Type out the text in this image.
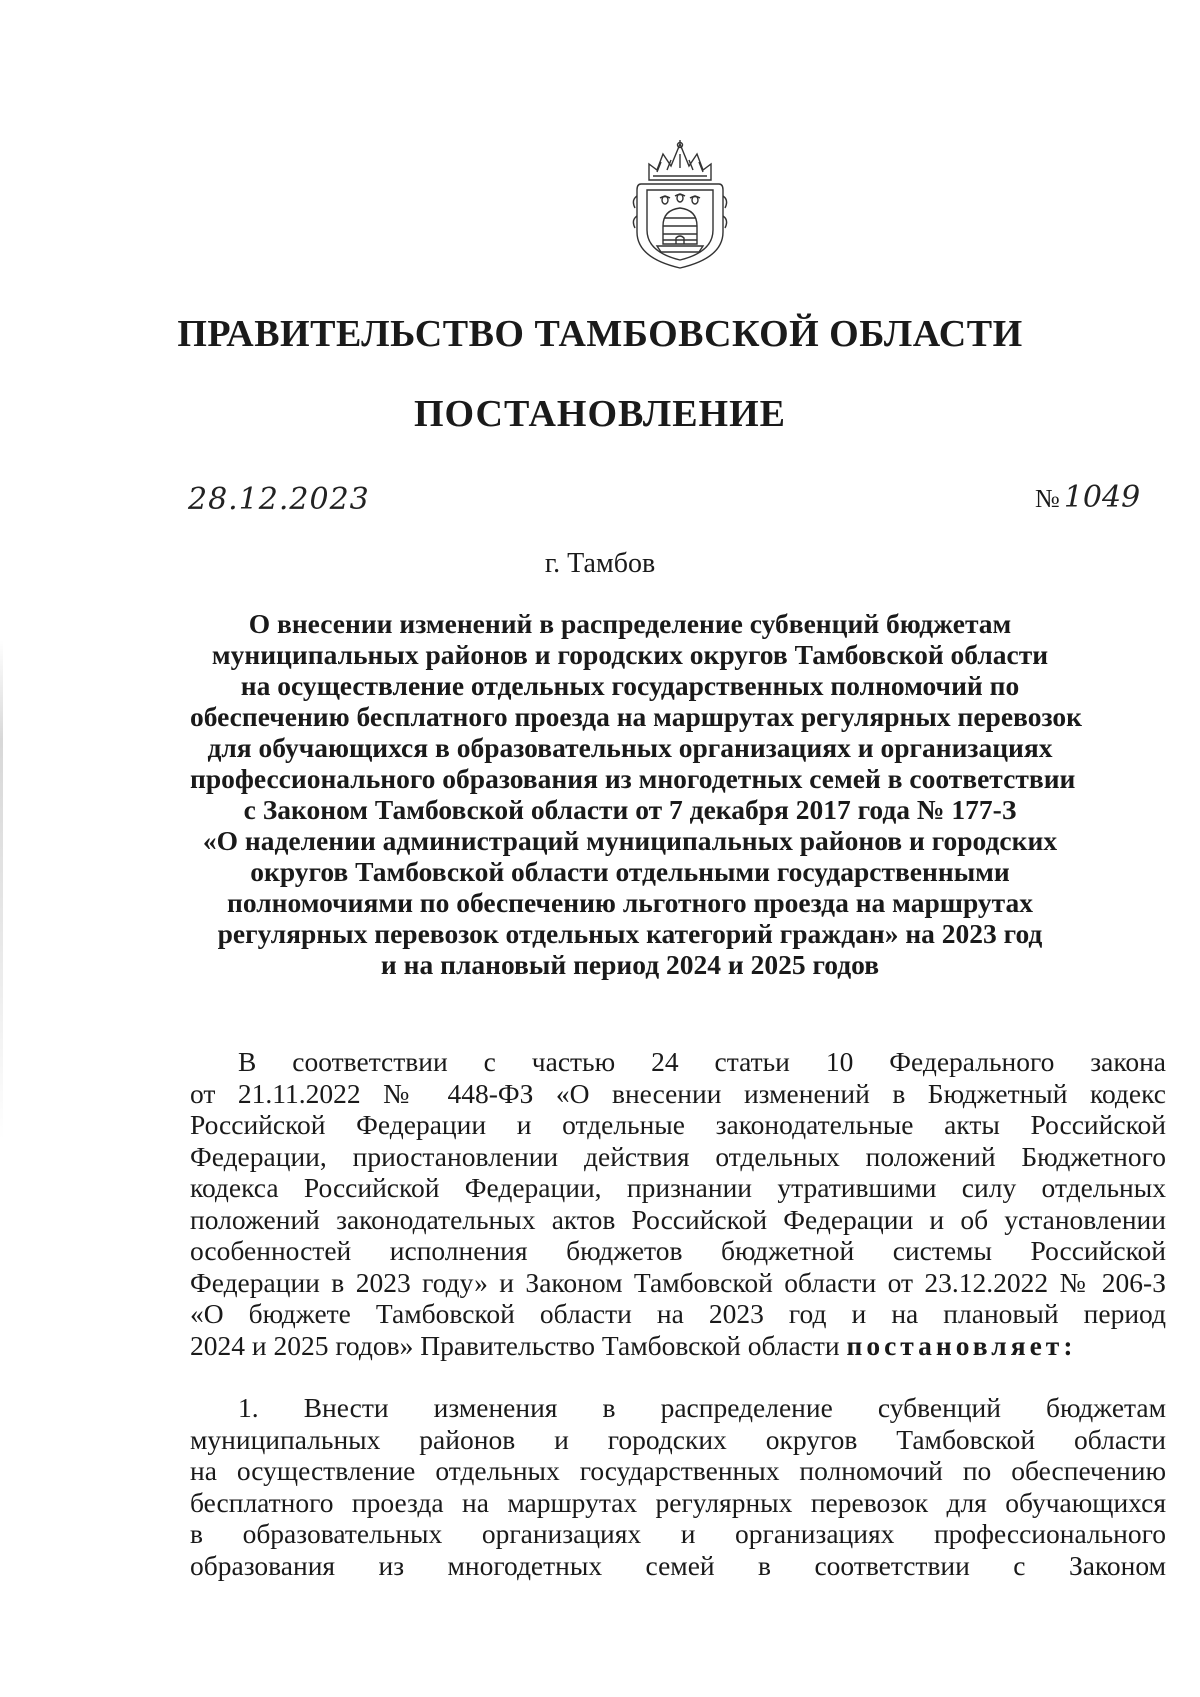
ПРАВИТЕЛЬСТВО ТАМБОВСКОЙ ОБЛАСТИ
ПОСТАНОВЛЕНИЕ
28.12.2023	№ 1049
г. Тамбов
О внесении изменений в распределение субвенций бюджетам
муниципальных районов и городских округов Тамбовской области
на осуществление отдельных государственных полномочий по
обеспечению бесплатного проезда на маршрутах регулярных перевозок
для обучающихся в образовательных организациях и организациях
профессионального образования из многодетных семей в соответствии
с Законом Тамбовской области от 7 декабря 2017 года № 177-З
«О наделении администраций муниципальных районов и городских
округов Тамбовской области отдельными государственными
полномочиями по обеспечению льготного проезда на маршрутах
регулярных перевозок отдельных категорий граждан» на 2023 год
и на плановый период 2024 и 2025 годов
В соответствии с частью 24 статьи 10 Федерального закона
от 21.11.2022 № 448-ФЗ «О внесении изменений в Бюджетный кодекс
Российской Федерации и отдельные законодательные акты Российской
Федерации, приостановлении действия отдельных положений Бюджетного
кодекса Российской Федерации, признании утратившими силу отдельных
положений законодательных актов Российской Федерации и об установлении
особенностей исполнения бюджетов бюджетной системы Российской
Федерации в 2023 году» и Законом Тамбовской области от 23.12.2022 № 206-З
«О бюджете Тамбовской области на 2023 год и на плановый период
2024 и 2025 годов» Правительство Тамбовской области постановляет:
1. Внести изменения в распределение субвенций бюджетам
муниципальных районов и городских округов Тамбовской области
на осуществление отдельных государственных полномочий по обеспечению
бесплатного проезда на маршрутах регулярных перевозок для обучающихся
в образовательных организациях и организациях профессионального
образования из многодетных семей в соответствии с Законом
